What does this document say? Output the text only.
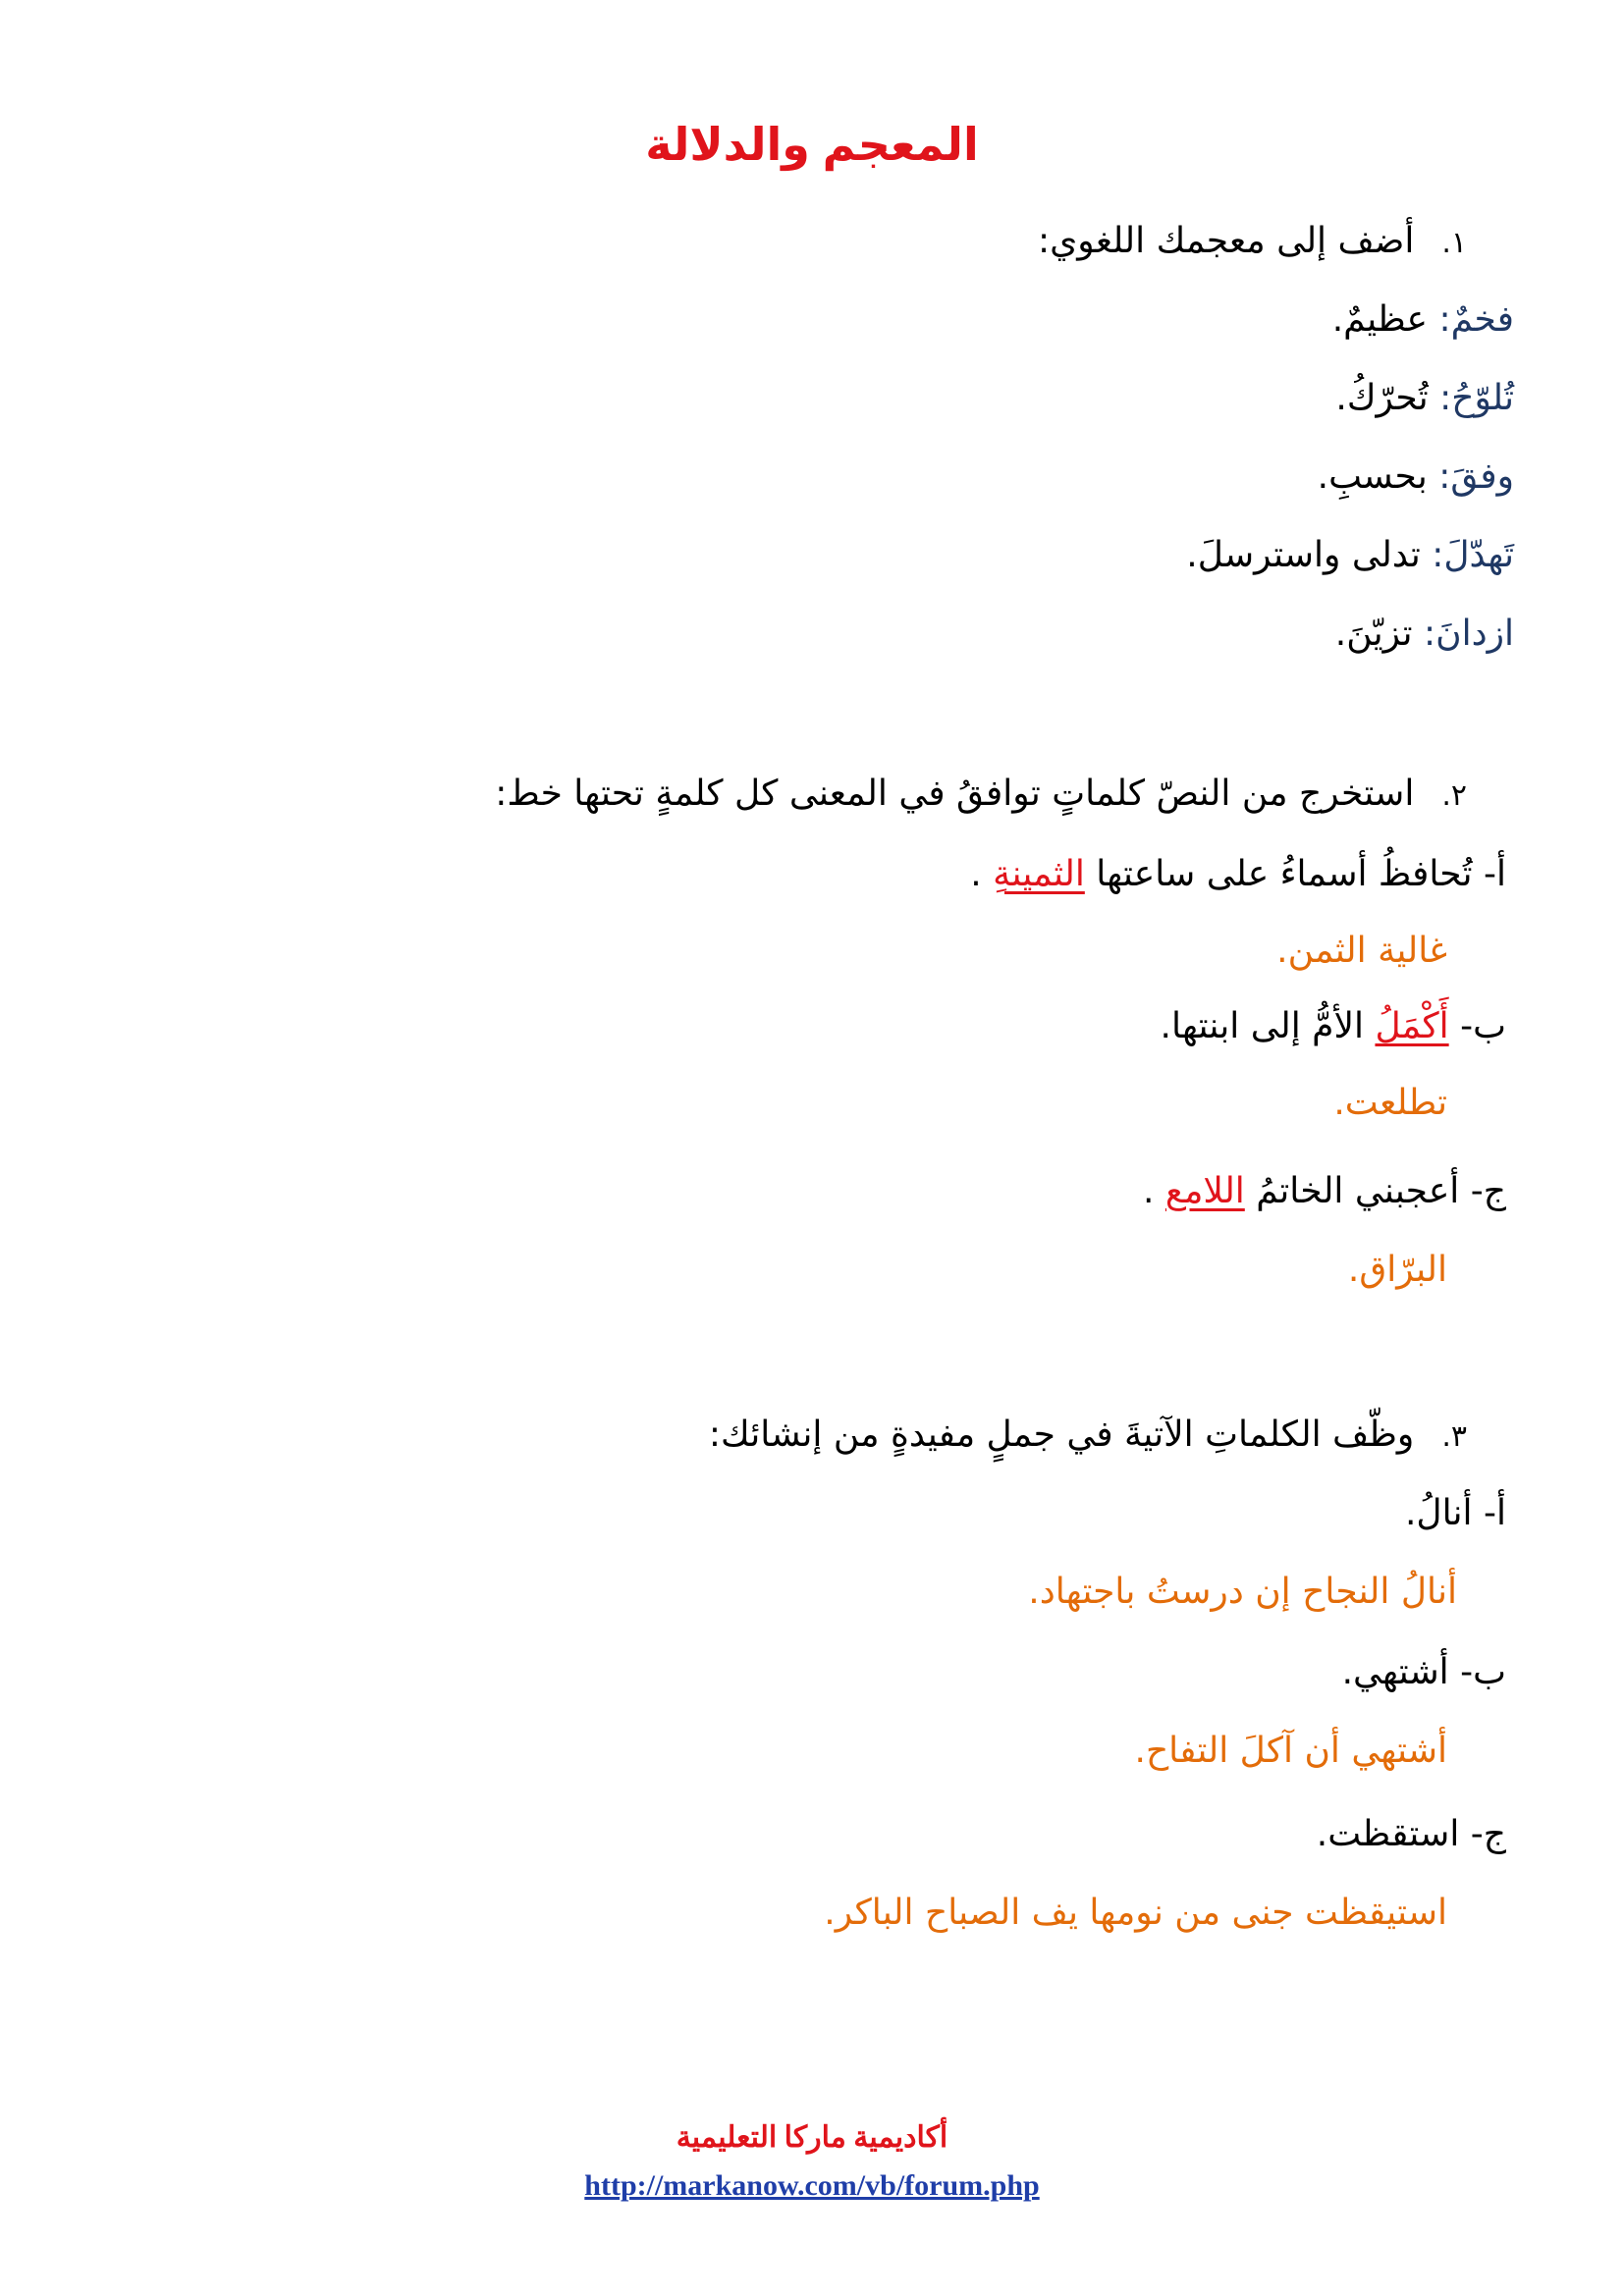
المعجم والدلالة
١.أضف إلى معجمك اللغوي:
فخمٌ: عظيمٌ.
تُلوّحُ: تُحرّكُ.
وفقَ: بحسبِ.
تَهدّلَ: تدلى واسترسلَ.
ازدانَ: تزيّنَ.
٢.استخرج من النصّ كلماتٍ توافقُ في المعنى كل كلمةٍ تحتها خط:
أ- تُحافظُ أسماءُ على ساعتها الثمينةِ .
غالية الثمن.
ب- أَكْمَلُ الأمُّ إلى ابنتها.
تطلعت.
ج- أعجبني الخاتمُ اللامع .
البرّاق.
٣.وظّف الكلماتِ الآتيةَ في جملٍ مفيدةٍ من إنشائك:
أ- أنالُ.
أنالُ النجاح إن درستُ باجتهاد.
ب- أشتهي.
أشتهي أن آكلَ التفاح.
ج- استقظت.
استيقظت جنى من نومها يف الصباح الباكر.
أكاديمية ماركا التعليمية
http://markanow.com/vb/forum.php
